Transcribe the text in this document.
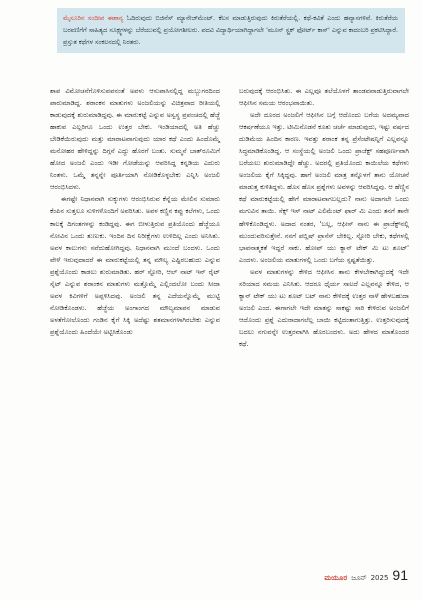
ಮೈಸೂರಿನ ಸಂದೀಪ ಈಶಾನ್ಯ ಓದಿರುವುದು ಬಿಜಿನೆಸ್ ಮ್ಯಾನೇಜ್‍ಮೆಂಟ್. ಕೆಲಸ ಮಾಡುತ್ತಿರುವುದು ಕಿರುತೆರೆಯಲ್ಲಿ. ಕಥೆ-ಕವಿತೆ ಎಂದು ಹವ್ಯಾಸಗಳಿವೆ. ಕಿರುತೆರೆಯ ಬರವಣಿಗೆಗೆ ಸಾಹಿತ್ಯದ ಸೂಕ್ಷ್ಮಗಳನ್ನು ಬೆರೆಯುವಲ್ಲಿ ಪ್ರಯೋಗಶೀಲರು. ಪದವಿ ವಿದ್ಯಾರ್ಥಿಯಾಗಿದ್ದಾಗಲೇ 'ಮೂನ್ ಸ್ಟ್ರಕ್ ಫೋರ್ಟ್ ಕಾಸ್' ಎನ್ನುವ ಕಾದಂಬರಿ ಪ್ರಕಟಿಸಿದ್ದಾರೆ. ಪ್ರಸ್ತುತ ಕಥೆಗಳ ಸಂಕಲನದಲ್ಲಿ ನಿರತರು.

ಶಾಪ ವಿಮೋಚನೆಗೊಳಿಸುವವನಂತೆ ಅವಳು ಆಸುಪಾಸಿನಲ್ಲಿದ್ದ ಮಬ್ಬುಗರದಿಂದ ಪಾರುಮಾಡಿದ್ದ. ಶರಾಂಕನ ಮಾತುಗಳು ಅಂಜಲಿಯನ್ನು ವಿಚಿತ್ರವಾದ ರೀತಿಯಲ್ಲಿ ಕಾಡುವುದಕ್ಕೆ ಶುರುಮಾಡಿದ್ದವು. ಈ ಮಾರುಕಟ್ಟೆ ಎನ್ನುವ ಅಸ್ವಸ್ಥ ಪ್ರಪಂಚದಲ್ಲಿ ಹೆಜ್ಜೆ ಹಾಕುವ ಎಲ್ಲರಿಗೂ ಒಂದು ಉತ್ತರ ಬೇಕು. ಇಂಡಿಯಾದಲ್ಲಿ ಅತಿ ಹೆಚ್ಚು ಬೇಡಿಕೆಯಿರುವುದು ಮತ್ತು ಮಾರಾಟವಾಗುವುದು ಯಾರ ಕಥೆ ಎಂದು ಹಿಂದೊಮ್ಮೆ ಮನೋಹರ ಹೇಳಿದ್ದನ್ನು ದಿಗ್ಗನೆ ಎದ್ದು ಹೊರಗೆ ಬಂತು. ಸುಮ್ಮನೆ ಬಾತ್‌ರೂಮಿಗೆ ಹೋದ ಅಂಜಲಿ ಎಂದು ಇಡೀ ಗೋಡೆಯನ್ನು ಆವರಿಸಿದ್ದ ಕನ್ನಡಿಯ ಎದುರು ನಿಂತಳು. ಒಮ್ಮೆ ತನ್ನನ್ನೇ ಪೂರ್ತಿಯಾಗಿ ನೋಡಿಕೊಳ್ಳಬೇಕು ಎನ್ನಿಸಿ ಅಂಜಲಿ ಆರಂಭಿಸಿದಳು.

ಈಗಷ್ಟೇ ನಿಧಾನವಾಗಿ ಸುಕ್ಕುಗಳು ಆರಂಭಿಸಿರುವ ಕೆನ್ನೆಯ ಮೇಲಿನ ಸುಮಾರು ಕೆಂಪಿನ ಸುತ್ತಲೂ ಸುಳಿಗಳೊಂದಿಗೆ ಅವರಿಸಿತು. ಅವಳ ಕಣ್ಣಿನ ಕಪ್ಪು ಕಲೆಗಳು, ಒಂದು ಕಾಲಕ್ಕೆ ದಿಗಂತಗಳನ್ನು ಕಂಡಿದ್ದವು. ಈಗ ಬೀಳುತ್ತಿರುವ ಪ್ರತಿಯೊಂದು ಹೆಜ್ಜೆಯೂ ನೋವಿನ ಒಂದು ತುಣುಕು. ಇಂದಿನ ದಿನ ನಿರೀಕ್ಷೆಗಳು ಉಳಿದಿಲ್ಲ ಎಂದು ಅನಿಸಿತು. ಅವಳ ಕಾಲುಗಳು ಸವೆದುಹೋಗಿದ್ದವು. ನಿಧಾನವಾಗಿ ಮುಂದೆ ಬಂದಳು. ಒಂದು ವೇಳೆ ಇರುವುದಾದರೆ ಈ ಮಾರುಕಟ್ಟೆಯಲ್ಲಿ ತನ್ನ ಮೌಲ್ಯ ಎಷ್ಟಿರಬಹುದು ಎನ್ನುವ ಪ್ರಶ್ನೆಯೊಂದು ಕಾಡಲು ಶುರುಮಾಡಿತು. ಹರ್ ಸ್ಟೋರಿ, ಆಲ್ ನಾಟ್ ಇನ್ ರೈಟ್ ಸೈಟ್ ಎನ್ನುವ ಶರಾಂಕನ ಮಾತುಗಳು ಮತ್ತೊಮ್ಮೆ ಎಲ್ಲಿಂದಲೋ ಬಂದು ಸೀದಾ ಅವಳ ಕಿವಿಗಳಿಗೆ ಅಪ್ಪಳಿಸಿದವು. ಅಂಜಲಿ ತನ್ನ ಎದೆಯನ್ನೊಮ್ಮೆ ಮುಟ್ಟಿ ನೋಡಿಕೊಂಡಳು. ಹೆಜ್ಜೆಯ ಅಂಗಾಂಗದ ಮೌಲ್ಯಮಾಪನ ಮಾಡುವ ಅಳತೆಗೋಲೊಂದು ಗಂಡಿನ ಕೈಗೆ ಸಿಕ್ಕಿ ಅದೆಷ್ಟು ಶತಮಾನಗಳಾಗಿರಬೇಕು ಎನ್ನುವ ಪ್ರಶ್ನೆಯೊಂದು ಹಿಂದೆಯೇ ಅಟ್ಟಿಸಿಕೊಂಡು

ಬರುವುದಕ್ಕೆ ಆರಂಭಿಸಿತು. ಈ ಎಲ್ಲವೂ ತಲೆಯೊಳಗೆ ತಾಂಡವವಾಡುತ್ತಿರುವಾಗಲೇ ಆಫೀಸಿನ ಸಮಯ ಆರಂಭವಾಯಿತು.

ಅದೇ ದೂರದ ಅಂಜಲಿಗೆ ಆಫೀಸಿನ ಬಗ್ಗೆ ಆದೊಂದು ಬಗೆಯ ಅದಮ್ಯವಾದ ಆಕರ್ಷಣೆಯೂ ಇತ್ತು. ಟೀಮಿನೊಡನೆ ಕೂತು ಚರ್ಚೆ ಮಾಡುವುದು, ಇಷ್ಟು ವರ್ಷದ ದುಡಿಮೆಯ ಹಿಂದಿನ ಕಾರಣ. ಇವತ್ತು ಶರಾಂಕ ತನ್ನ ಪ್ರೆಸೆಂಟೇಷನ್ನಿಗೆ ಎಲ್ಲವನ್ನೂ ಸಿದ್ಧಮಾಡಿಕೊಂಡಿದ್ದ. ಆ ಸಂಸ್ಥೆಯಲ್ಲಿ ಅಂಜಲಿ ಒಂದು ಪ್ರಾಜೆಕ್ಟ್ ಸಹಪೂರ್ಣವಾಗಿ ಬರೆಯಲು ಶುರುಮಾಡಿದ್ದೇ ಹೆಚ್ಚು. ಅದರಲ್ಲಿ ಪ್ರತಿಯೊಂದು ಕಾಯಿಲೆಯ ಕಥೆಗಳು ಅಂಜಲಿಯ ಕೈಗೆ ಸಿಕ್ಕಿದ್ದವು. ಹಾಗೆ ಅಂಜಲಿ ಮಾತ್ರ ತನ್ನೊಳಗೆ ತಾನು ಯೋಚನೆ ಮಾಡುತ್ತ ಕುಳಿತಿದ್ದಳು. ಹೊಸ ಹೊಸ ಪ್ರಶ್ನೆಗಳು ಅವಳನ್ನು ಆವರಿಸಿದ್ದವು. ಆ ಹೆಣ್ಣಿನ ಕಥೆ ಮಾರುಕಟ್ಟೆಯಲ್ಲಿ ಹೇಗೆ ಮಾರಾಟವಾಗಬಲ್ಲದು? ನಾನು ಅದಾಗಲೇ ಒಂದು ಮಗುವಿನ ತಾಯಿ. ಸೆಕ್ಸ್ ಇಸ್ ನಾಟ್ ಎಲಿಮೆಂಟ್ ಫಾರ್ ಮಿ ಎಂದು ತನಗೆ ತಾನೇ ಹೇಳಿಕೊಂಡಿದ್ದಳು. ಅದಾದ ನಂತರ, 'ಬಲ್ಲ, ಆಫೀಸ್ ನಾನು ಈ ಪ್ರಾಜೆಕ್ಟ್‌ನಲ್ಲಿ ಮುಂದುವರಿಸುತ್ತೇನೆ. ನನಗೆ ಪಬ್ಲಿಷ್ ಪ್ರಾಸೆಸ್ ಬೇಕಿಲ್ಲ. ಸ್ಟೋರಿ ಬೇಕು, ಕಥೆಗಳಲ್ಲಿ ಭಾವನಾತ್ಮಕತೆ ಇದ್ದರೆ ಸಾಕು. ಹೋಪ್ ಯು ಕ್ಯಾನ್ ಟೇಕ್ ಮಿ ಟು ಶೂಟ್' ಎಂದಳು. ಅಂಜಲಿಯ ಮಾತುಗಳಲ್ಲಿ ಒಂದು ಬಗೆಯ ಸ್ಪಷ್ಟತೆಯಿತ್ತು.

ಅವಳ ಮಾತುಗಳನ್ನು ಕೇಳಿದ ಆಫೀಸಿನ ತಾನು ಕೇಳಬೇಕಾಗಿದ್ದುದಕ್ಕೆ ಇದೇ ಸರಿಯಾದ ಸಮಯ ಎನಿಸಿತು. ಆದರೂ ಧೈರ್ಯ ಸಾಲದೆ ಎಲ್ಲವನ್ನೂ ಕೇಳಿದ, ಆ ಕ್ಯಾನ್ ಟೇಕ್ ಯು ಟು ಶೂಟ್ ಬಟ್ ನಾನು ಕೇಳಿದಕ್ಕೆ ಉತ್ತರ ನಾಳೆ ಹೇಳಬಹುದಾ ಅಂಜಲಿ ಎಂದ. ಈಗಾಗಲೇ ಇದೇ ಮಾತನ್ನು ಸಾಕಷ್ಟು ಸಾರಿ ಕೇಳಿರುವ ಅಂಜಲಿಗೆ ಆದೊಂದು ಪ್ರಶ್ನೆ ಎದುರಾದಾಗಲೆಲ್ಲ ಬಾಯಿ ಕಟ್ಟಿದಂತಾಗುತ್ತಿತ್ತು. ಉತ್ತರಿಸುವುದಕ್ಕೆ ಬದಲು ನಗುವನ್ನೇ ಉತ್ತರವಾಗಿಸಿ ಹೊರಬಂದಳು. ಅದು ಹೇಳದ ಮಾತೊಂದರ ಕಥೆ.

ಮಯೂರ ಜೂನ್ 2025 91
